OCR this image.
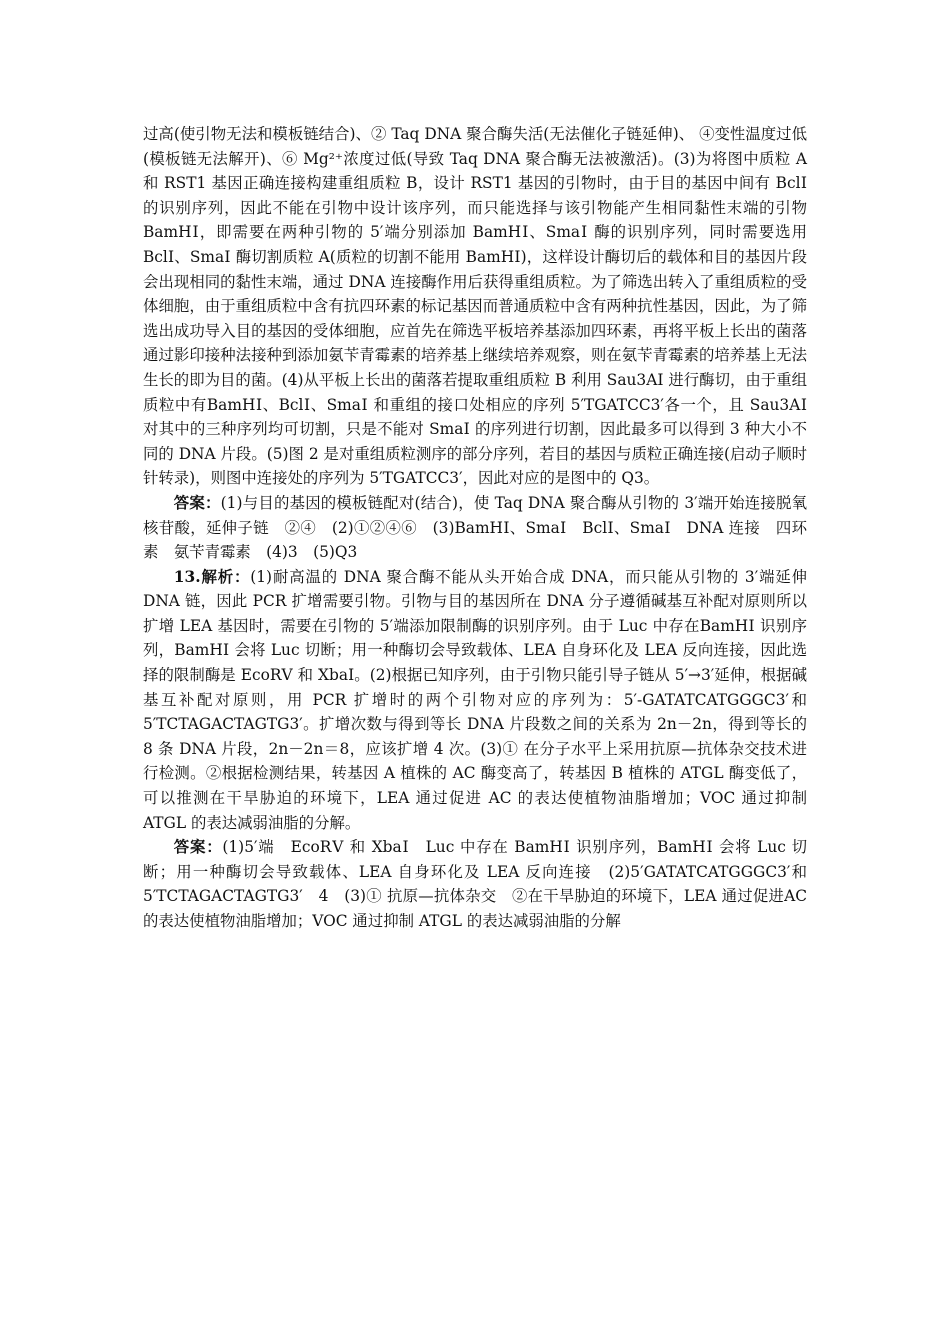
过高(使引物无法和模板链结合)、② Taq DNA 聚合酶失活(无法催化子链延伸)、 ④变性温度过低(模板链无法解开)、⑥ Mg²⁺浓度过低(导致 Taq DNA 聚合酶无法被激活)。(3)为将图中质粒 A 和 RST1 基因正确连接构建重组质粒 B，设计 RST1 基因的引物时，由于目的基因中间有 BclⅠ 的识别序列，因此不能在引物中设计该序列，而只能选择与该引物能产生相同黏性末端的引物 BamHⅠ，即需要在两种引物的 5′端分别添加 BamHⅠ、SmaⅠ 酶的识别序列，同时需要选用 BclⅠ、SmaⅠ 酶切割质粒 A(质粒的切割不能用 BamHⅠ)，这样设计酶切后的载体和目的基因片段会出现相同的黏性末端，通过 DNA 连接酶作用后获得重组质粒。为了筛选出转入了重组质粒的受体细胞，由于重组质粒中含有抗四环素的标记基因而普通质粒中含有两种抗性基因，因此，为了筛选出成功导入目的基因的受体细胞，应首先在筛选平板培养基添加四环素，再将平板上长出的菌落通过影印接种法接种到添加氨苄青霉素的培养基上继续培养观察，则在氨苄青霉素的培养基上无法生长的即为目的菌。(4)从平板上长出的菌落若提取重组质粒 B 利用 Sau3AⅠ 进行酶切，由于重组质粒中有BamHⅠ、BclⅠ、SmaⅠ 和重组的接口处相应的序列 5′TGATCC3′各一个，且 Sau3AⅠ 对其中的三种序列均可切割，只是不能对 SmaⅠ 的序列进行切割，因此最多可以得到 3 种大小不同的 DNA 片段。(5)图 2 是对重组质粒测序的部分序列，若目的基因与质粒正确连接(启动子顺时针转录)，则图中连接处的序列为 5′TGATCC3′，因此对应的是图中的 Q3。

答案：(1)与目的基因的模板链配对(结合)，使 Taq DNA 聚合酶从引物的 3′端开始连接脱氧核苷酸，延伸子链　②④　(2)①②④⑥　(3)BamHⅠ、SmaⅠ　BclⅠ、SmaⅠ　DNA 连接　四环素　氨苄青霉素　(4)3　(5)Q3

13.解析：(1)耐高温的 DNA 聚合酶不能从头开始合成 DNA，而只能从引物的 3′端延伸 DNA 链，因此 PCR 扩增需要引物。引物与目的基因所在 DNA 分子遵循碱基互补配对原则所以扩增 LEA 基因时，需要在引物的 5′端添加限制酶的识别序列。由于 Luc 中存在BamHⅠ 识别序列，BamHⅠ 会将 Luc 切断；用一种酶切会导致载体、LEA 自身环化及 LEA 反向连接，因此选择的限制酶是 EcoRⅤ 和 XbaⅠ。(2)根据已知序列，由于引物只能引导子链从 5′→3′延伸，根据碱基互补配对原则，用 PCR 扩增时的两个引物对应的序列为：5′-GATATCATGGGC3′和 5′TCTAGACTAGTG3′。扩增次数与得到等长 DNA 片段数之间的关系为 2n－2n，得到等长的 8 条 DNA 片段，2n－2n＝8，应该扩增 4 次。(3)① 在分子水平上采用抗原—抗体杂交技术进行检测。②根据检测结果，转基因 A 植株的 AC 酶变高了，转基因 B 植株的 ATGL 酶变低了，可以推测在干旱胁迫的环境下，LEA 通过促进 AC 的表达使植物油脂增加；VOC 通过抑制 ATGL 的表达减弱油脂的分解。

答案：(1)5′端　EcoRⅤ 和 XbaⅠ　Luc 中存在 BamHⅠ 识别序列，BamHⅠ 会将 Luc 切断；用一种酶切会导致载体、LEA 自身环化及 LEA 反向连接　(2)5′GATATCATGGGC3′和5′TCTAGACTAGTG3′　4　(3)① 抗原—抗体杂交　②在干旱胁迫的环境下，LEA 通过促进AC 的表达使植物油脂增加；VOC 通过抑制 ATGL 的表达减弱油脂的分解
